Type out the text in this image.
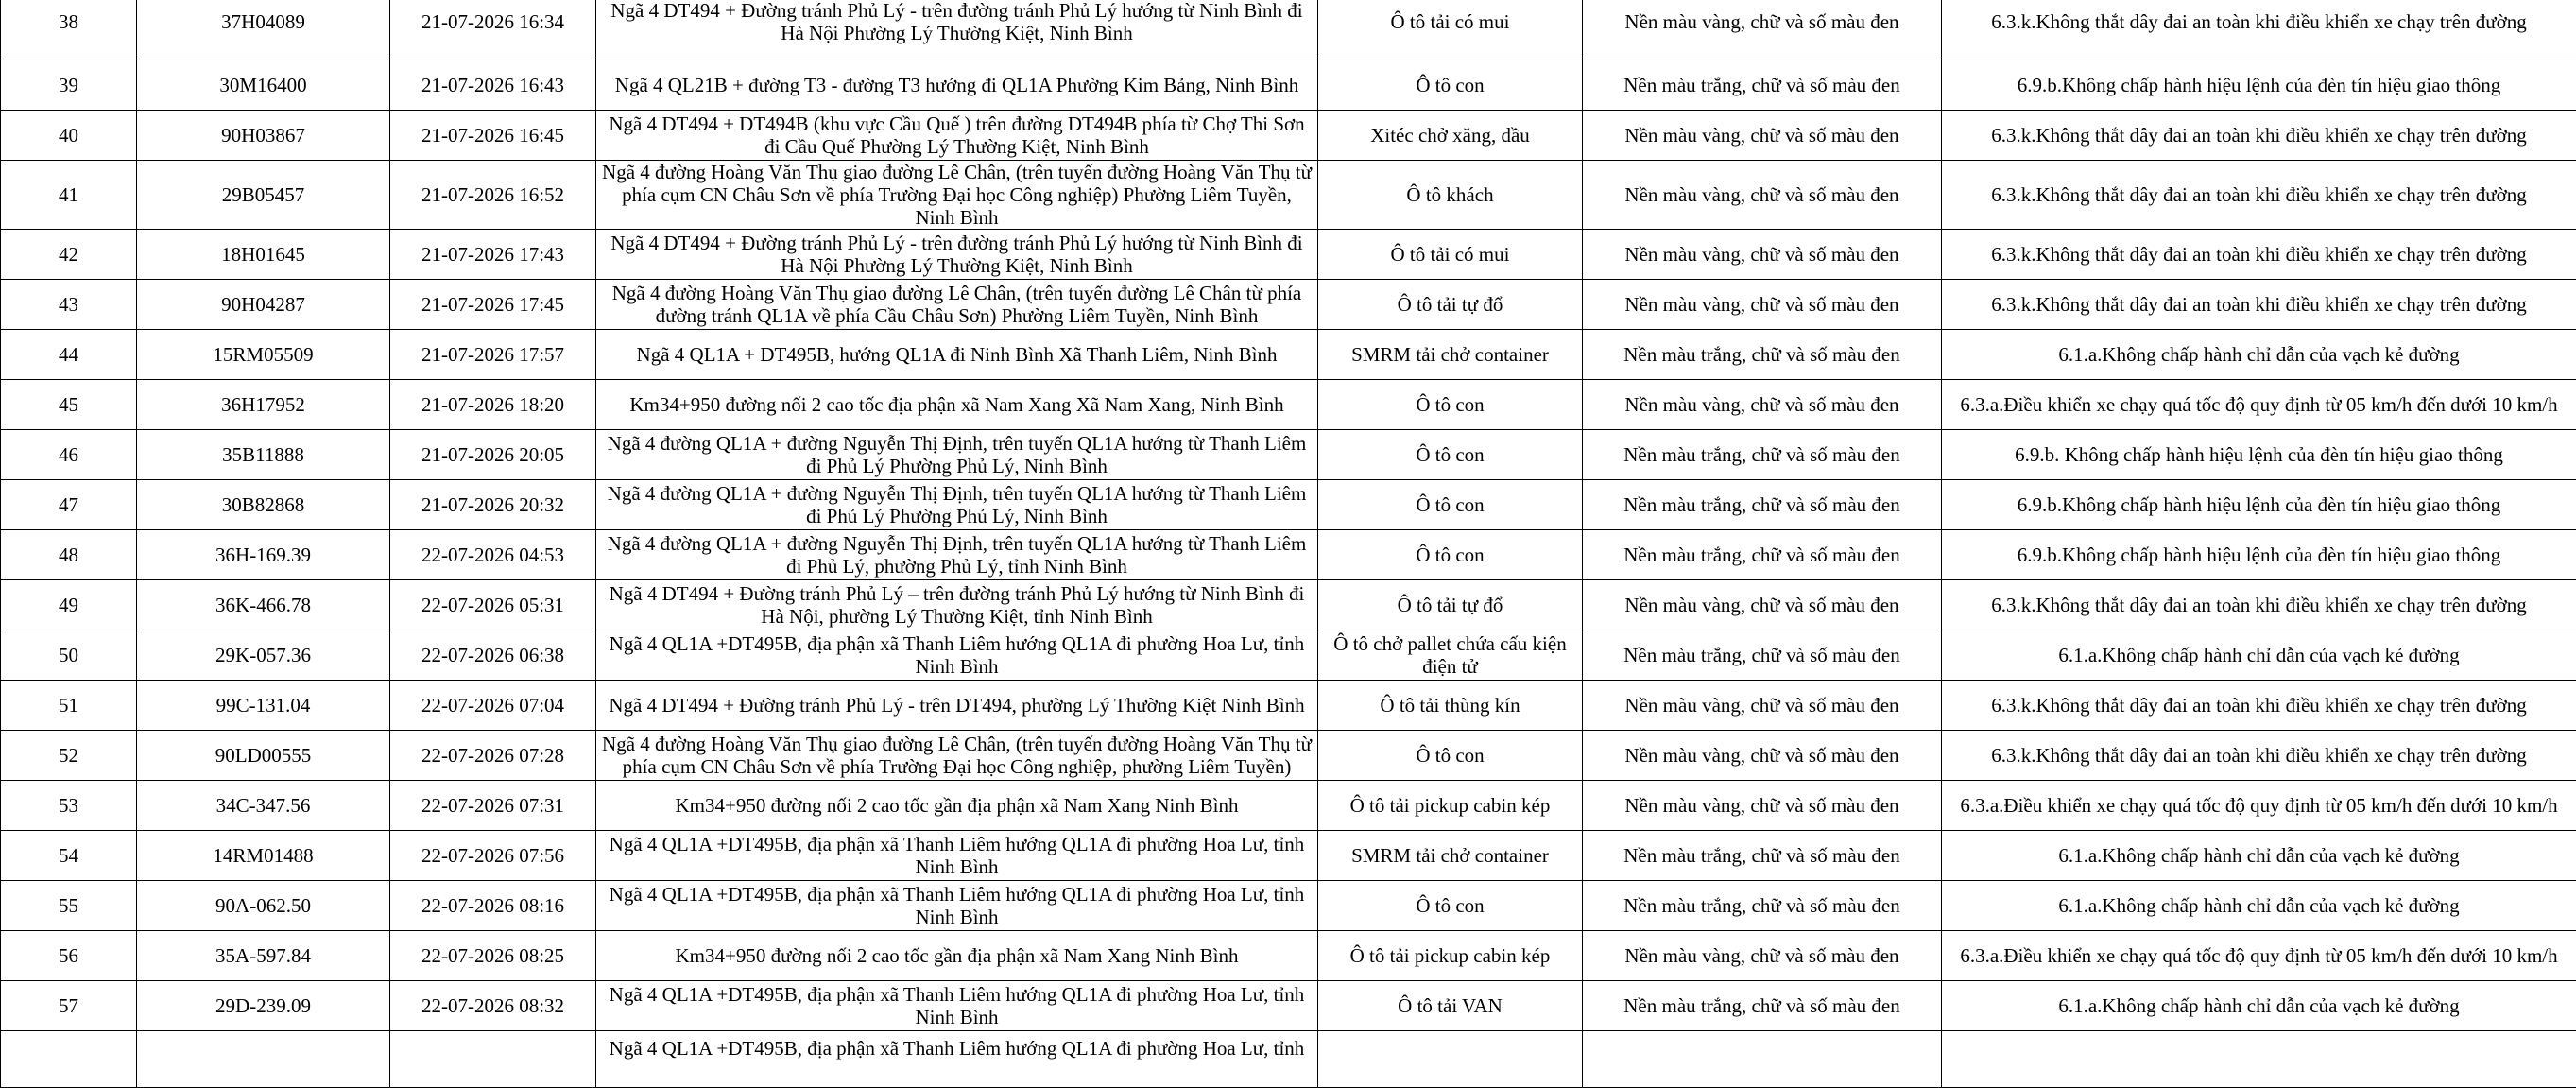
38	37H04089	21-07-2026 16:34	Ngã 4 DT494 + Đường tránh Phủ Lý - trên đường tránh Phủ Lý hướng từ Ninh Bình đi Hà Nội Phường Lý Thường Kiệt, Ninh Bình	Ô tô tải có mui	Nền màu vàng, chữ và số màu đen	6.3.k.Không thắt dây đai an toàn khi điều khiển xe chạy trên đường
39	30M16400	21-07-2026 16:43	Ngã 4 QL21B + đường T3 - đường T3 hướng đi QL1A Phường Kim Bảng, Ninh Bình	Ô tô con	Nền màu trắng, chữ và số màu đen	6.9.b.Không chấp hành hiệu lệnh của đèn tín hiệu giao thông
40	90H03867	21-07-2026 16:45	Ngã 4 DT494 + DT494B (khu vực Cầu Quế ) trên đường DT494B phía từ Chợ Thi Sơn đi Cầu Quế Phường Lý Thường Kiệt, Ninh Bình	Xitéc chở xăng, dầu	Nền màu vàng, chữ và số màu đen	6.3.k.Không thắt dây đai an toàn khi điều khiển xe chạy trên đường
41	29B05457	21-07-2026 16:52	Ngã 4 đường Hoàng Văn Thụ giao đường Lê Chân, (trên tuyến đường Hoàng Văn Thụ từ phía cụm CN Châu Sơn về phía Trường Đại học Công nghiệp) Phường Liêm Tuyền, Ninh Bình	Ô tô khách	Nền màu vàng, chữ và số màu đen	6.3.k.Không thắt dây đai an toàn khi điều khiển xe chạy trên đường
42	18H01645	21-07-2026 17:43	Ngã 4 DT494 + Đường tránh Phủ Lý - trên đường tránh Phủ Lý hướng từ Ninh Bình đi Hà Nội Phường Lý Thường Kiệt, Ninh Bình	Ô tô tải có mui	Nền màu vàng, chữ và số màu đen	6.3.k.Không thắt dây đai an toàn khi điều khiển xe chạy trên đường
43	90H04287	21-07-2026 17:45	Ngã 4 đường Hoàng Văn Thụ giao đường Lê Chân, (trên tuyến đường Lê Chân từ phía đường tránh QL1A về phía Cầu Châu Sơn) Phường Liêm Tuyền, Ninh Bình	Ô tô tải tự đổ	Nền màu vàng, chữ và số màu đen	6.3.k.Không thắt dây đai an toàn khi điều khiển xe chạy trên đường
44	15RM05509	21-07-2026 17:57	Ngã 4 QL1A + DT495B, hướng QL1A đi Ninh Bình Xã Thanh Liêm, Ninh Bình	SMRM tải chở container	Nền màu trắng, chữ và số màu đen	6.1.a.Không chấp hành chỉ dẫn của vạch kẻ đường
45	36H17952	21-07-2026 18:20	Km34+950 đường nối 2 cao tốc địa phận xã Nam Xang Xã Nam Xang, Ninh Bình	Ô tô con	Nền màu vàng, chữ và số màu đen	6.3.a.Điều khiển xe chạy quá tốc độ quy định từ 05 km/h đến dưới 10 km/h
46	35B11888	21-07-2026 20:05	Ngã 4 đường QL1A + đường Nguyễn Thị Định, trên tuyến QL1A hướng từ Thanh Liêm đi Phủ Lý Phường Phủ Lý, Ninh Bình	Ô tô con	Nền màu trắng, chữ và số màu đen	6.9.b. Không chấp hành hiệu lệnh của đèn tín hiệu giao thông
47	30B82868	21-07-2026 20:32	Ngã 4 đường QL1A + đường Nguyễn Thị Định, trên tuyến QL1A hướng từ Thanh Liêm đi Phủ Lý Phường Phủ Lý, Ninh Bình	Ô tô con	Nền màu trắng, chữ và số màu đen	6.9.b.Không chấp hành hiệu lệnh của đèn tín hiệu giao thông
48	36H-169.39	22-07-2026 04:53	Ngã 4 đường QL1A + đường Nguyễn Thị Định, trên tuyến QL1A hướng từ Thanh Liêm đi Phủ Lý, phường Phủ Lý, tỉnh Ninh Bình	Ô tô con	Nền màu trắng, chữ và số màu đen	6.9.b.Không chấp hành hiệu lệnh của đèn tín hiệu giao thông
49	36K-466.78	22-07-2026 05:31	Ngã 4 DT494 + Đường tránh Phủ Lý – trên đường tránh Phủ Lý hướng từ Ninh Bình đi Hà Nội, phường Lý Thường Kiệt, tỉnh Ninh Bình	Ô tô tải tự đổ	Nền màu vàng, chữ và số màu đen	6.3.k.Không thắt dây đai an toàn khi điều khiển xe chạy trên đường
50	29K-057.36	22-07-2026 06:38	Ngã 4 QL1A +DT495B, địa phận xã Thanh Liêm hướng QL1A đi phường Hoa Lư, tỉnh Ninh Bình	Ô tô chở pallet chứa cấu kiện điện tử	Nền màu trắng, chữ và số màu đen	6.1.a.Không chấp hành chỉ dẫn của vạch kẻ đường
51	99C-131.04	22-07-2026 07:04	Ngã 4 DT494 + Đường tránh Phủ Lý - trên DT494, phường Lý Thường Kiệt Ninh Bình	Ô tô tải thùng kín	Nền màu vàng, chữ và số màu đen	6.3.k.Không thắt dây đai an toàn khi điều khiển xe chạy trên đường
52	90LD00555	22-07-2026 07:28	Ngã 4 đường Hoàng Văn Thụ giao đường Lê Chân, (trên tuyến đường Hoàng Văn Thụ từ phía cụm CN Châu Sơn về phía Trường Đại học Công nghiệp, phường Liêm Tuyền)	Ô tô con	Nền màu vàng, chữ và số màu đen	6.3.k.Không thắt dây đai an toàn khi điều khiển xe chạy trên đường
53	34C-347.56	22-07-2026 07:31	Km34+950 đường nối 2 cao tốc gần địa phận xã Nam Xang Ninh Bình	Ô tô tải pickup cabin kép	Nền màu vàng, chữ và số màu đen	6.3.a.Điều khiển xe chạy quá tốc độ quy định từ 05 km/h đến dưới 10 km/h
54	14RM01488	22-07-2026 07:56	Ngã 4 QL1A +DT495B, địa phận xã Thanh Liêm hướng QL1A đi phường Hoa Lư, tỉnh Ninh Bình	SMRM tải chở container	Nền màu trắng, chữ và số màu đen	6.1.a.Không chấp hành chỉ dẫn của vạch kẻ đường
55	90A-062.50	22-07-2026 08:16	Ngã 4 QL1A +DT495B, địa phận xã Thanh Liêm hướng QL1A đi phường Hoa Lư, tỉnh Ninh Bình	Ô tô con	Nền màu trắng, chữ và số màu đen	6.1.a.Không chấp hành chỉ dẫn của vạch kẻ đường
56	35A-597.84	22-07-2026 08:25	Km34+950 đường nối 2 cao tốc gần địa phận xã Nam Xang Ninh Bình	Ô tô tải pickup cabin kép	Nền màu vàng, chữ và số màu đen	6.3.a.Điều khiển xe chạy quá tốc độ quy định từ 05 km/h đến dưới 10 km/h
57	29D-239.09	22-07-2026 08:32	Ngã 4 QL1A +DT495B, địa phận xã Thanh Liêm hướng QL1A đi phường Hoa Lư, tỉnh Ninh Bình	Ô tô tải VAN	Nền màu trắng, chữ và số màu đen	6.1.a.Không chấp hành chỉ dẫn của vạch kẻ đường
			Ngã 4 QL1A +DT495B, địa phận xã Thanh Liêm hướng QL1A đi phường Hoa Lư, tỉnh			
